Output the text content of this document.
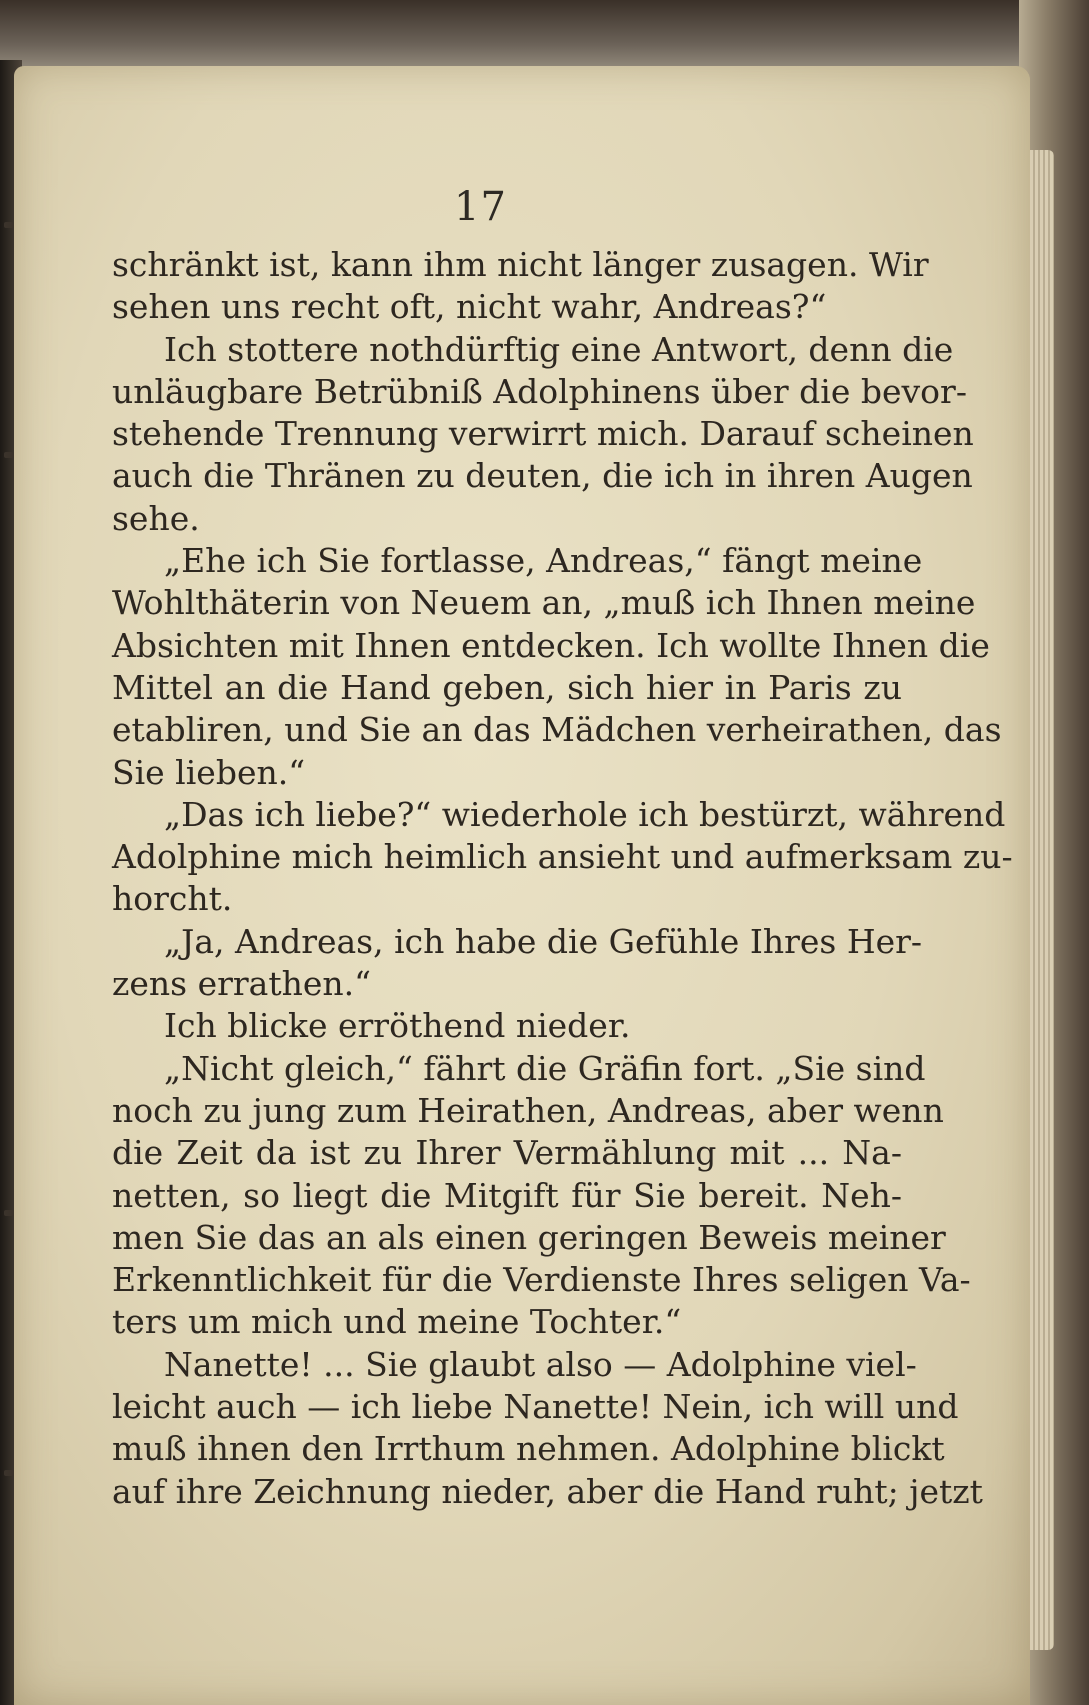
17
schränkt ist, kann ihm nicht länger zusagen. Wir
sehen uns recht oft, nicht wahr, Andreas?“
Ich stottere nothdürftig eine Antwort, denn die
unläugbare Betrübniß Adolphinens über die bevor-
stehende Trennung verwirrt mich. Darauf scheinen
auch die Thränen zu deuten, die ich in ihren Augen
sehe.
„Ehe ich Sie fortlasse, Andreas,“ fängt meine
Wohlthäterin von Neuem an, „muß ich Ihnen meine
Absichten mit Ihnen entdecken. Ich wollte Ihnen die
Mittel an die Hand geben, sich hier in Paris zu
etabliren, und Sie an das Mädchen verheirathen, das
Sie lieben.“
„Das ich liebe?“ wiederhole ich bestürzt, während
Adolphine mich heimlich ansieht und aufmerksam zu-
horcht.
„Ja, Andreas, ich habe die Gefühle Ihres Her-
zens errathen.“
Ich blicke erröthend nieder.
„Nicht gleich,“ fährt die Gräfin fort. „Sie sind
noch zu jung zum Heirathen, Andreas, aber wenn
die Zeit da ist zu Ihrer Vermählung mit ... Na-
netten, so liegt die Mitgift für Sie bereit. Neh-
men Sie das an als einen geringen Beweis meiner
Erkenntlichkeit für die Verdienste Ihres seligen Va-
ters um mich und meine Tochter.“
Nanette! ... Sie glaubt also — Adolphine viel-
leicht auch — ich liebe Nanette! Nein, ich will und
muß ihnen den Irrthum nehmen. Adolphine blickt
auf ihre Zeichnung nieder, aber die Hand ruht; jetzt
